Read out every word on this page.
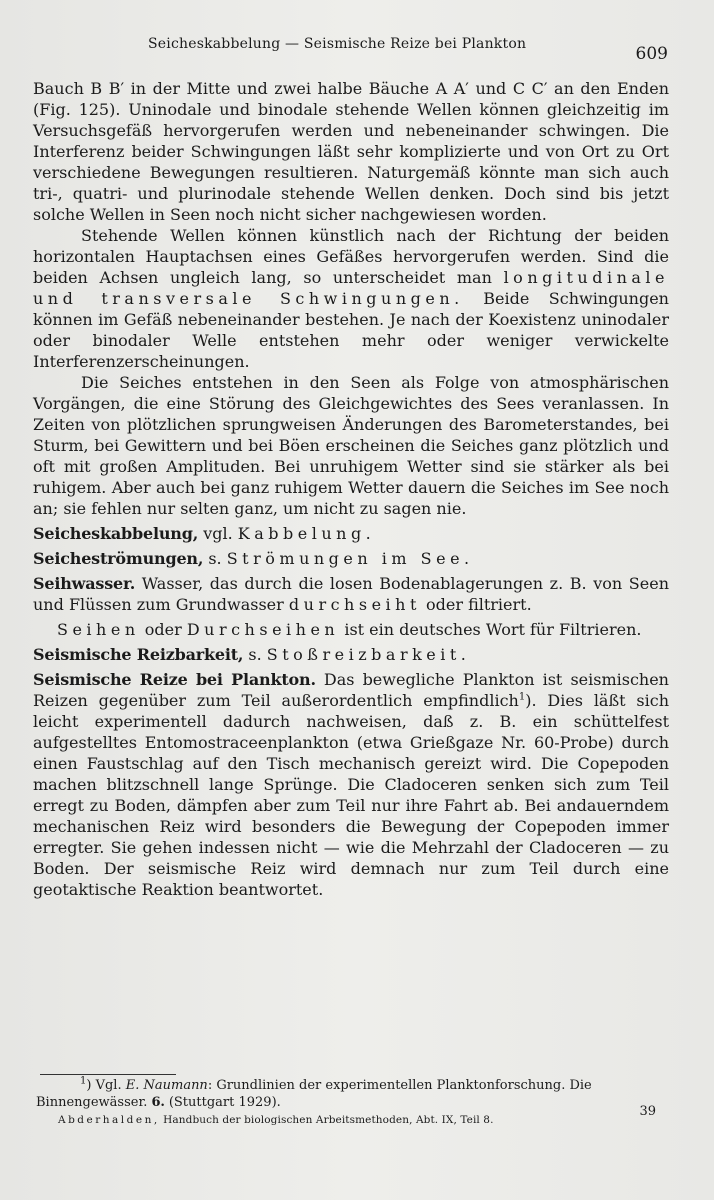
Seicheskabbelung — Seismische Reize bei Plankton	609

Bauch B B′ in der Mitte und zwei halbe Bäuche A A′ und C C′ an den Enden (Fig. 125). Uninodale und binodale stehende Wellen können gleichzeitig im Versuchsgefäß hervorgerufen werden und nebeneinander schwingen. Die Interferenz beider Schwingungen läßt sehr komplizierte und von Ort zu Ort verschiedene Bewegungen resultieren. Naturgemäß könnte man sich auch tri-, quatri- und plurinodale stehende Wellen denken. Doch sind bis jetzt solche Wellen in Seen noch nicht sicher nachgewiesen worden.

Stehende Wellen können künstlich nach der Richtung der beiden horizontalen Hauptachsen eines Gefäßes hervorgerufen werden. Sind die beiden Achsen ungleich lang, so unterscheidet man longitudinale und transversale Schwingungen. Beide Schwingungen können im Gefäß nebeneinander bestehen. Je nach der Koexistenz uninodaler oder binodaler Welle entstehen mehr oder weniger verwickelte Interferenzerscheinungen.

Die Seiches entstehen in den Seen als Folge von atmosphärischen Vorgängen, die eine Störung des Gleichgewichtes des Sees veranlassen. In Zeiten von plötzlichen sprungweisen Änderungen des Barometerstandes, bei Sturm, bei Gewittern und bei Böen erscheinen die Seiches ganz plötzlich und oft mit großen Amplituden. Bei unruhigem Wetter sind sie stärker als bei ruhigem. Aber auch bei ganz ruhigem Wetter dauern die Seiches im See noch an; sie fehlen nur selten ganz, um nicht zu sagen nie.

Seicheskabbelung, vgl. Kabbelung.

Seicheströmungen, s. Strömungen im See.

Seihwasser. Wasser, das durch die losen Bodenablagerungen z. B. von Seen und Flüssen zum Grundwasser durchseiht oder filtriert.

Seihen oder Durchseihen ist ein deutsches Wort für Filtrieren.

Seismische Reizbarkeit, s. Stoßreizbarkeit.

Seismische Reize bei Plankton. Das bewegliche Plankton ist seismischen Reizen gegenüber zum Teil außerordentlich empfindlich$^1$). Dies läßt sich leicht experimentell dadurch nachweisen, daß z. B. ein schüttelfest aufgestelltes Entomostraceenplankton (etwa Grießgaze Nr. 60-Probe) durch einen Faustschlag auf den Tisch mechanisch gereizt wird. Die Copepoden machen blitzschnell lange Sprünge. Die Cladoceren senken sich zum Teil erregt zu Boden, dämpfen aber zum Teil nur ihre Fahrt ab. Bei andauerndem mechanischen Reiz wird besonders die Bewegung der Copepoden immer erregter. Sie gehen indessen nicht — wie die Mehrzahl der Cladoceren — zu Boden. Der seismische Reiz wird demnach nur zum Teil durch eine geotaktische Reaktion beantwortet.

$^1$) Vgl. E. Naumann: Grundlinien der experimentellen Planktonforschung. Die Binnengewässer. 6. (Stuttgart 1929).

39
Abderhalden, Handbuch der biologischen Arbeitsmethoden, Abt. IX, Teil 8.
